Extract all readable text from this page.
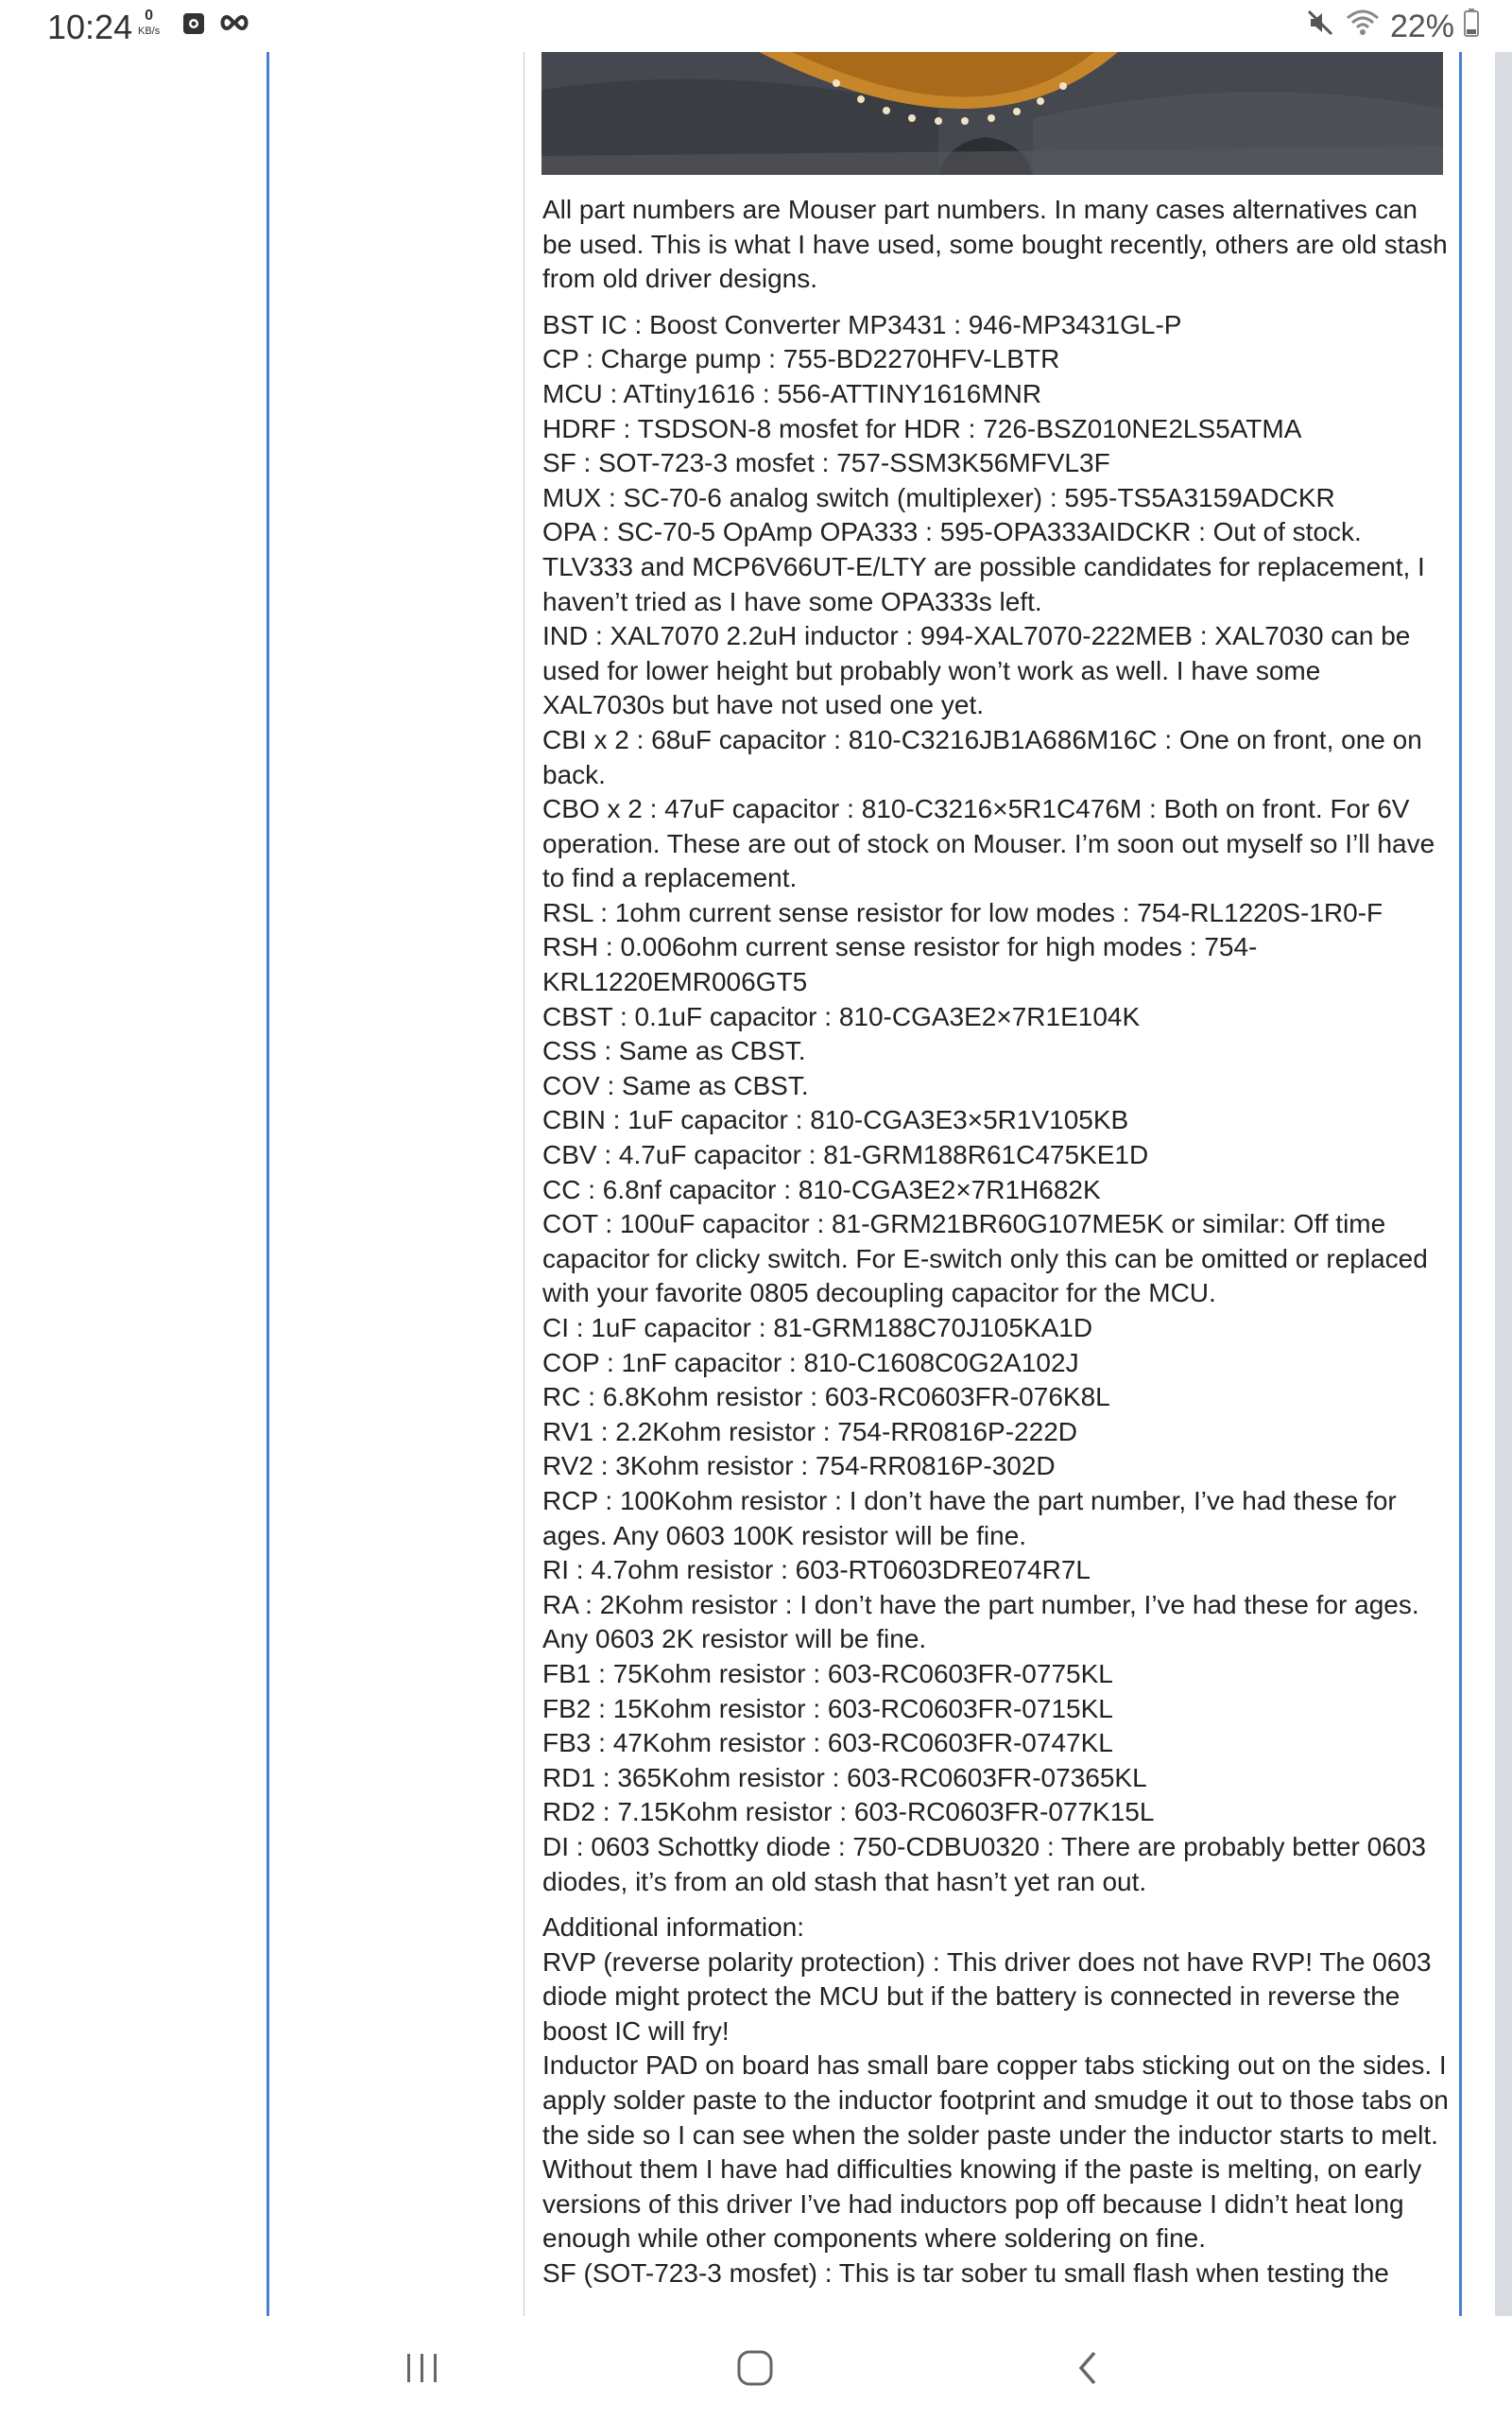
All part numbers are Mouser part numbers. In many cases alternatives can be used. This is what I have used, some bought recently, others are old stash from old driver designs.

BST IC : Boost Converter MP3431 : 946-MP3431GL-P

CP : Charge pump : 755-BD2270HFV-LBTR

MCU : ATtiny1616 : 556-ATTINY1616MNR

HDRF : TSDSON-8 mosfet for HDR : 726-BSZ010NE2LS5ATMA

SF : SOT-723-3 mosfet : 757-SSM3K56MFVL3F

MUX : SC-70-6 analog switch (multiplexer) : 595-TS5A3159ADCKR

OPA : SC-70-5 OpAmp OPA333 : 595-OPA333AIDCKR : Out of stock. TLV333 and MCP6V66UT-E/LTY are possible candidates for replacement, I haven’t tried as I have some OPA333s left.

IND : XAL7070 2.2uH inductor : 994-XAL7070-222MEB : XAL7030 can be used for lower height but probably won’t work as well. I have some XAL7030s but have not used one yet.

CBI x 2 : 68uF capacitor : 810-C3216JB1A686M16C : One on front, one on back.

CBO x 2 : 47uF capacitor : 810-C3216×5R1C476M : Both on front. For 6V operation. These are out of stock on Mouser. I’m soon out myself so I’ll have to find a replacement.

RSL : 1ohm current sense resistor for low modes : 754-RL1220S-1R0-F

RSH : 0.006ohm current sense resistor for high modes : 754-KRL1220EMR006GT5

CBST : 0.1uF capacitor : 810-CGA3E2×7R1E104K

CSS : Same as CBST.

COV : Same as CBST.

CBIN : 1uF capacitor : 810-CGA3E3×5R1V105KB

CBV : 4.7uF capacitor : 81-GRM188R61C475KE1D

CC : 6.8nf capacitor : 810-CGA3E2×7R1H682K

COT : 100uF capacitor : 81-GRM21BR60G107ME5K or similar: Off time capacitor for clicky switch. For E-switch only this can be omitted or replaced with your favorite 0805 decoupling capacitor for the MCU.

CI : 1uF capacitor : 81-GRM188C70J105KA1D

COP : 1nF capacitor : 810-C1608C0G2A102J

RC : 6.8Kohm resistor : 603-RC0603FR-076K8L

RV1 : 2.2Kohm resistor : 754-RR0816P-222D

RV2 : 3Kohm resistor : 754-RR0816P-302D

RCP : 100Kohm resistor : I don’t have the part number, I’ve had these for ages. Any 0603 100K resistor will be fine.

RI : 4.7ohm resistor : 603-RT0603DRE074R7L

RA : 2Kohm resistor : I don’t have the part number, I’ve had these for ages. Any 0603 2K resistor will be fine.

FB1 : 75Kohm resistor : 603-RC0603FR-0775KL

FB2 : 15Kohm resistor : 603-RC0603FR-0715KL

FB3 : 47Kohm resistor : 603-RC0603FR-0747KL

RD1 : 365Kohm resistor : 603-RC0603FR-07365KL

RD2 : 7.15Kohm resistor : 603-RC0603FR-077K15L

DI : 0603 Schottky diode : 750-CDBU0320 : There are probably better 0603 diodes, it’s from an old stash that hasn’t yet ran out.

Additional information:

RVP (reverse polarity protection) : This driver does not have RVP! The 0603 diode might protect the MCU but if the battery is connected in reverse the boost IC will fry!

Inductor PAD on board has small bare copper tabs sticking out on the sides. I apply solder paste to the inductor footprint and smudge it out to those tabs on the side so I can see when the solder paste under the inductor starts to melt. Without them I have had difficulties knowing if the paste is melting, on early versions of this driver I’ve had inductors pop off because I didn’t heat long enough while other components where soldering on fine.

SF (SOT-723-3 mosfet) : This is tar sober tu small flash when testing the

10:24 0
KB/s	22%
